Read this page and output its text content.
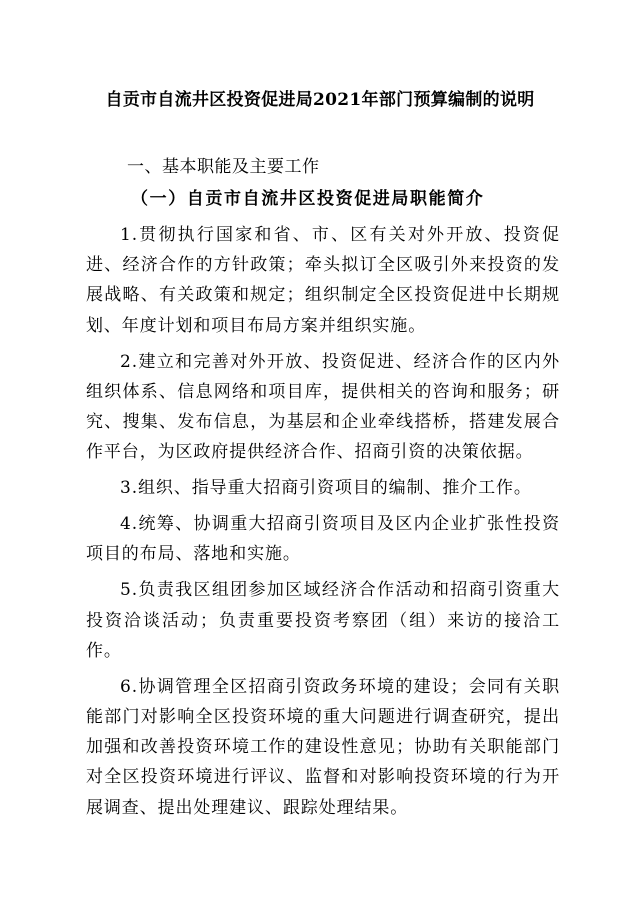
自贡市自流井区投资促进局2021年部门预算编制的说明
一、基本职能及主要工作
（一）自贡市自流井区投资促进局职能简介

1.贯彻执行国家和省、市、区有关对外开放、投资促进、经济合作的方针政策；牵头拟订全区吸引外来投资的发展战略、有关政策和规定；组织制定全区投资促进中长期规划、年度计划和项目布局方案并组织实施。

2.建立和完善对外开放、投资促进、经济合作的区内外组织体系、信息网络和项目库，提供相关的咨询和服务；研究、搜集、发布信息，为基层和企业牵线搭桥，搭建发展合作平台，为区政府提供经济合作、招商引资的决策依据。

3.组织、指导重大招商引资项目的编制、推介工作。

4.统筹、协调重大招商引资项目及区内企业扩张性投资项目的布局、落地和实施。

5.负责我区组团参加区域经济合作活动和招商引资重大投资洽谈活动；负责重要投资考察团（组）来访的接洽工作。

6.协调管理全区招商引资政务环境的建设；会同有关职能部门对影响全区投资环境的重大问题进行调查研究，提出加强和改善投资环境工作的建设性意见；协助有关职能部门对全区投资环境进行评议、监督和对影响投资环境的行为开展调查、提出处理建议、跟踪处理结果。
